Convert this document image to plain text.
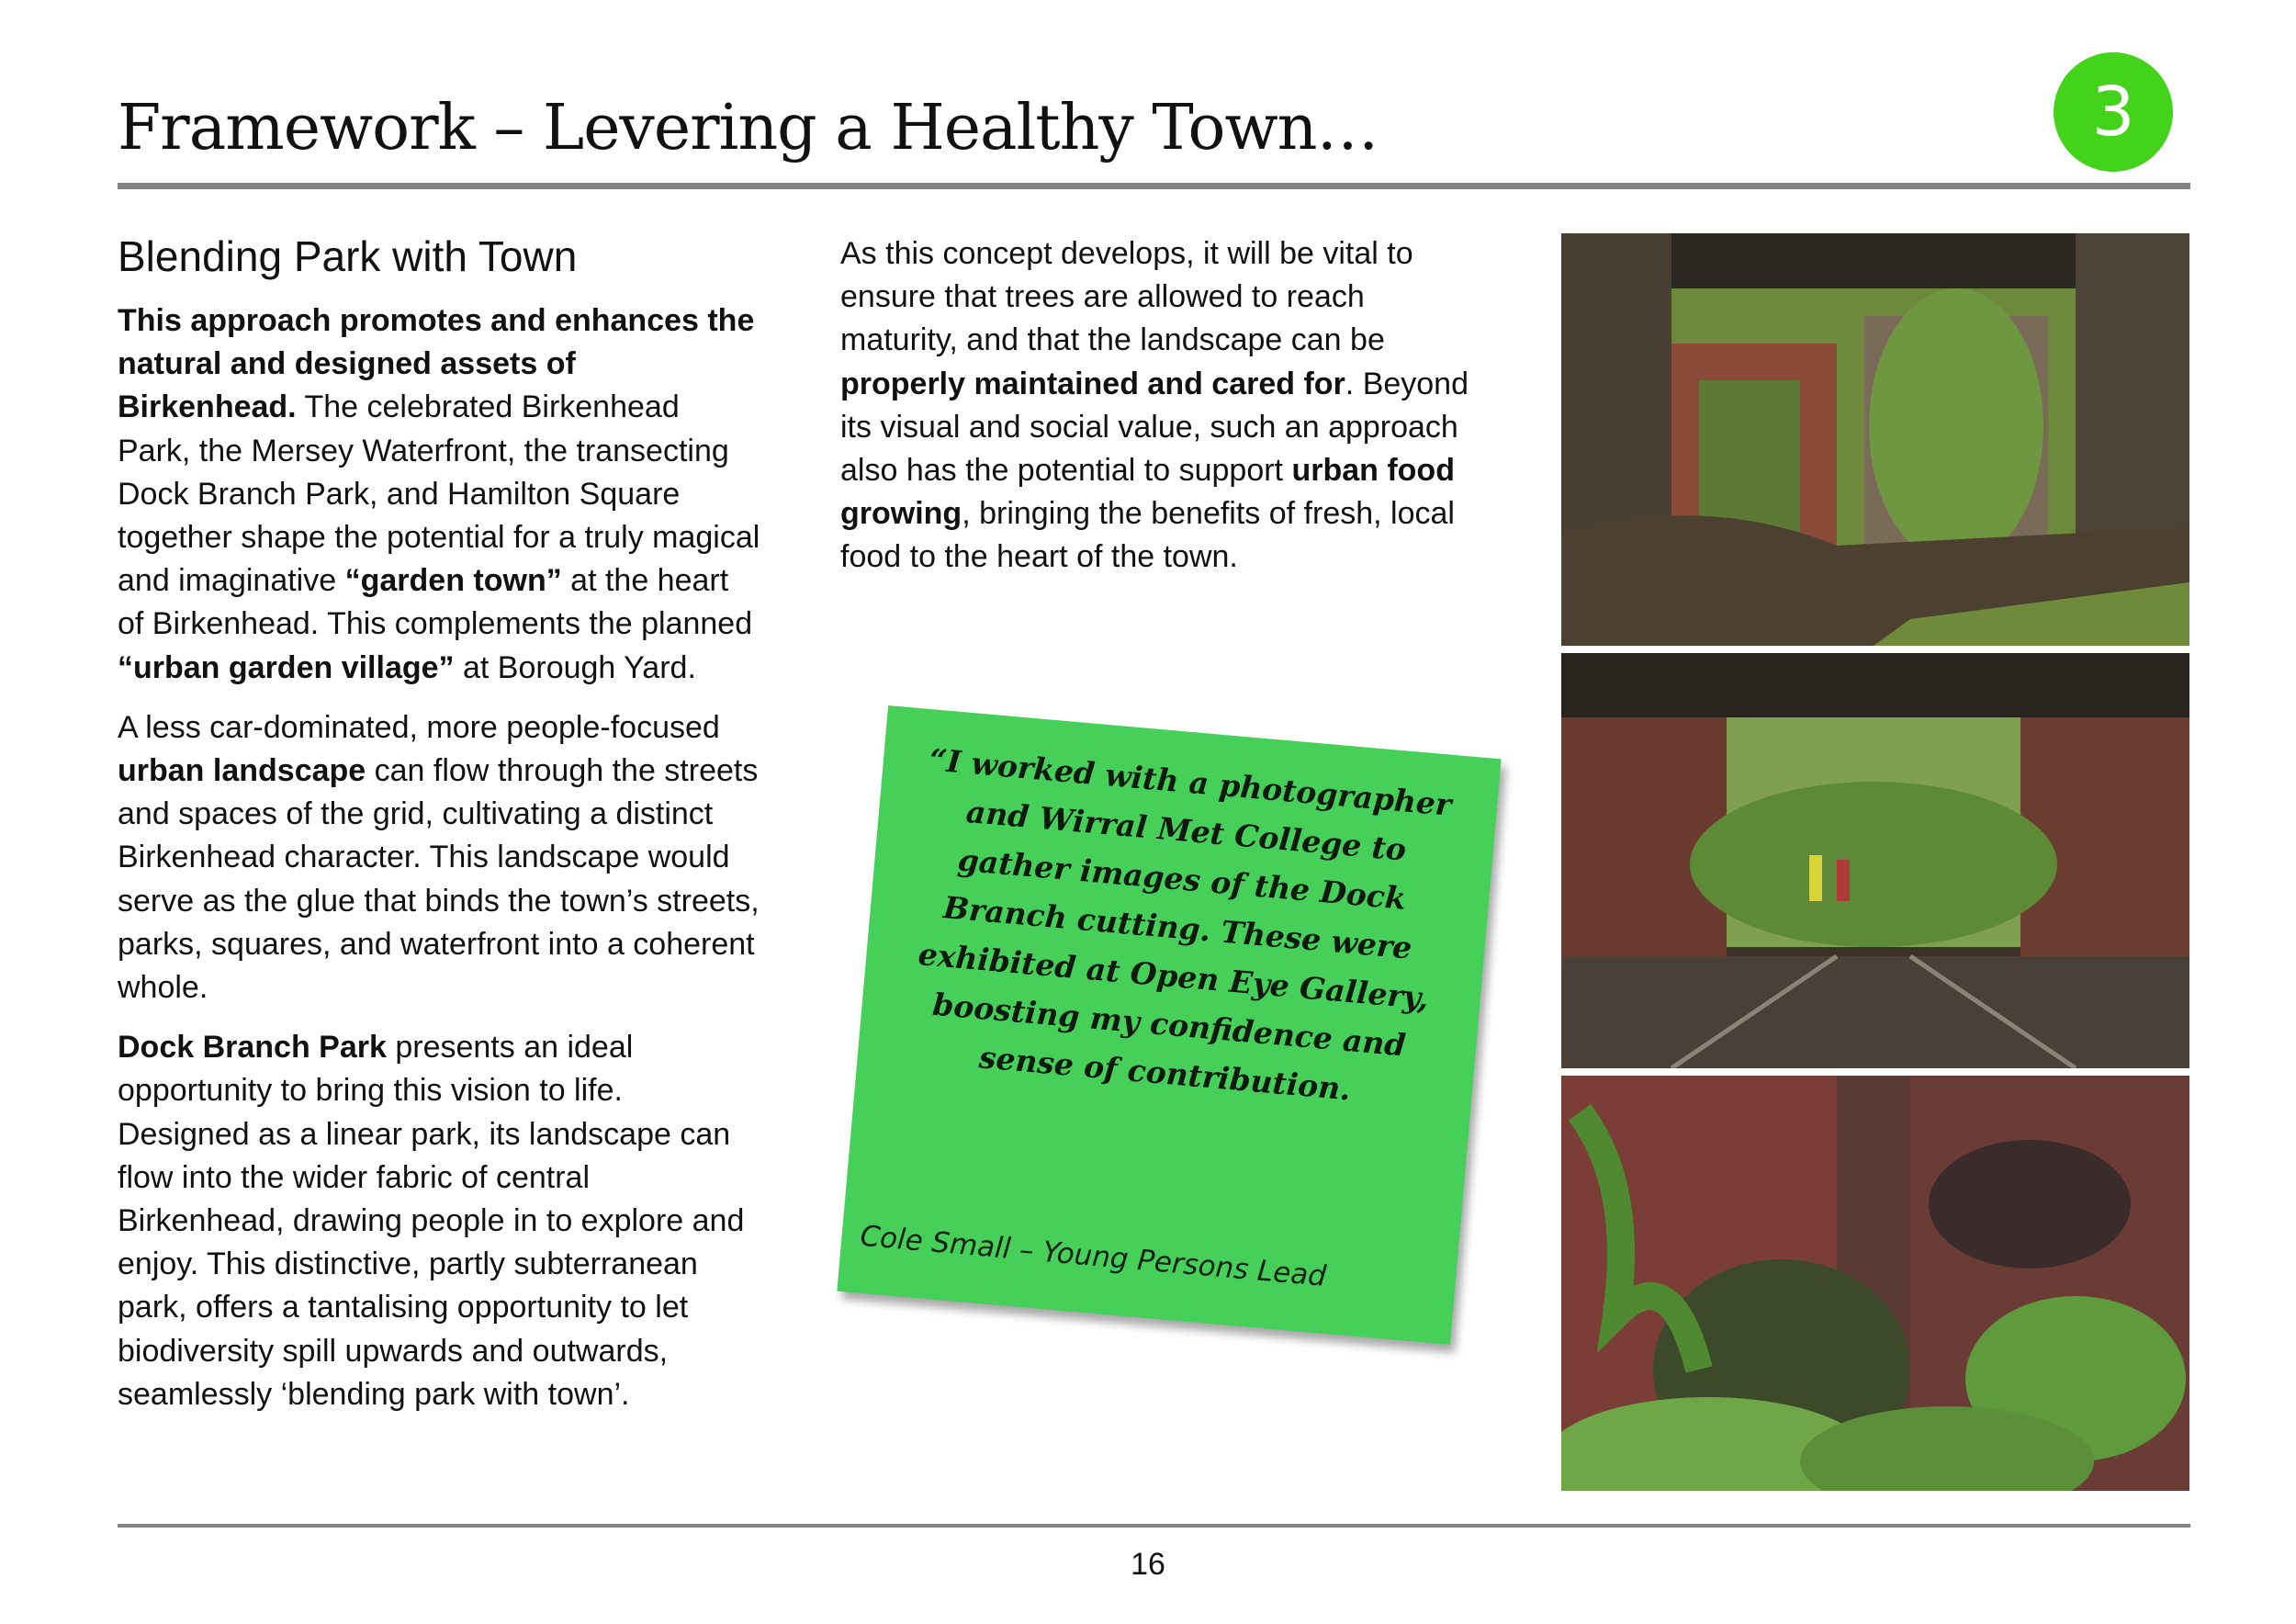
Framework – Levering a Healthy Town…	3
Blending Park with Town

This approach promotes and enhances the natural and designed assets of Birkenhead. The celebrated Birkenhead Park, the Mersey Waterfront, the transecting Dock Branch Park, and Hamilton Square together shape the potential for a truly magical and imaginative “garden town” at the heart of Birkenhead. This complements the planned “urban garden village” at Borough Yard.

A less car-dominated, more people-focused urban landscape can flow through the streets and spaces of the grid, cultivating a distinct Birkenhead character. This landscape would serve as the glue that binds the town’s streets, parks, squares, and waterfront into a coherent whole.

Dock Branch Park presents an ideal opportunity to bring this vision to life. Designed as a linear park, its landscape can flow into the wider fabric of central Birkenhead, drawing people in to explore and enjoy. This distinctive, partly subterranean park, offers a tantalising opportunity to let biodiversity spill upwards and outwards, seamlessly ‘blending park with town’.

As this concept develops, it will be vital to ensure that trees are allowed to reach maturity, and that the landscape can be properly maintained and cared for. Beyond its visual and social value, such an approach also has the potential to support urban food growing, bringing the benefits of fresh, local food to the heart of the town.

“I worked with a photographer and Wirral Met College to gather images of the Dock Branch cutting. These were exhibited at Open Eye Gallery, boosting my confidence and sense of contribution.
Cole Small – Young Persons Lead
16
